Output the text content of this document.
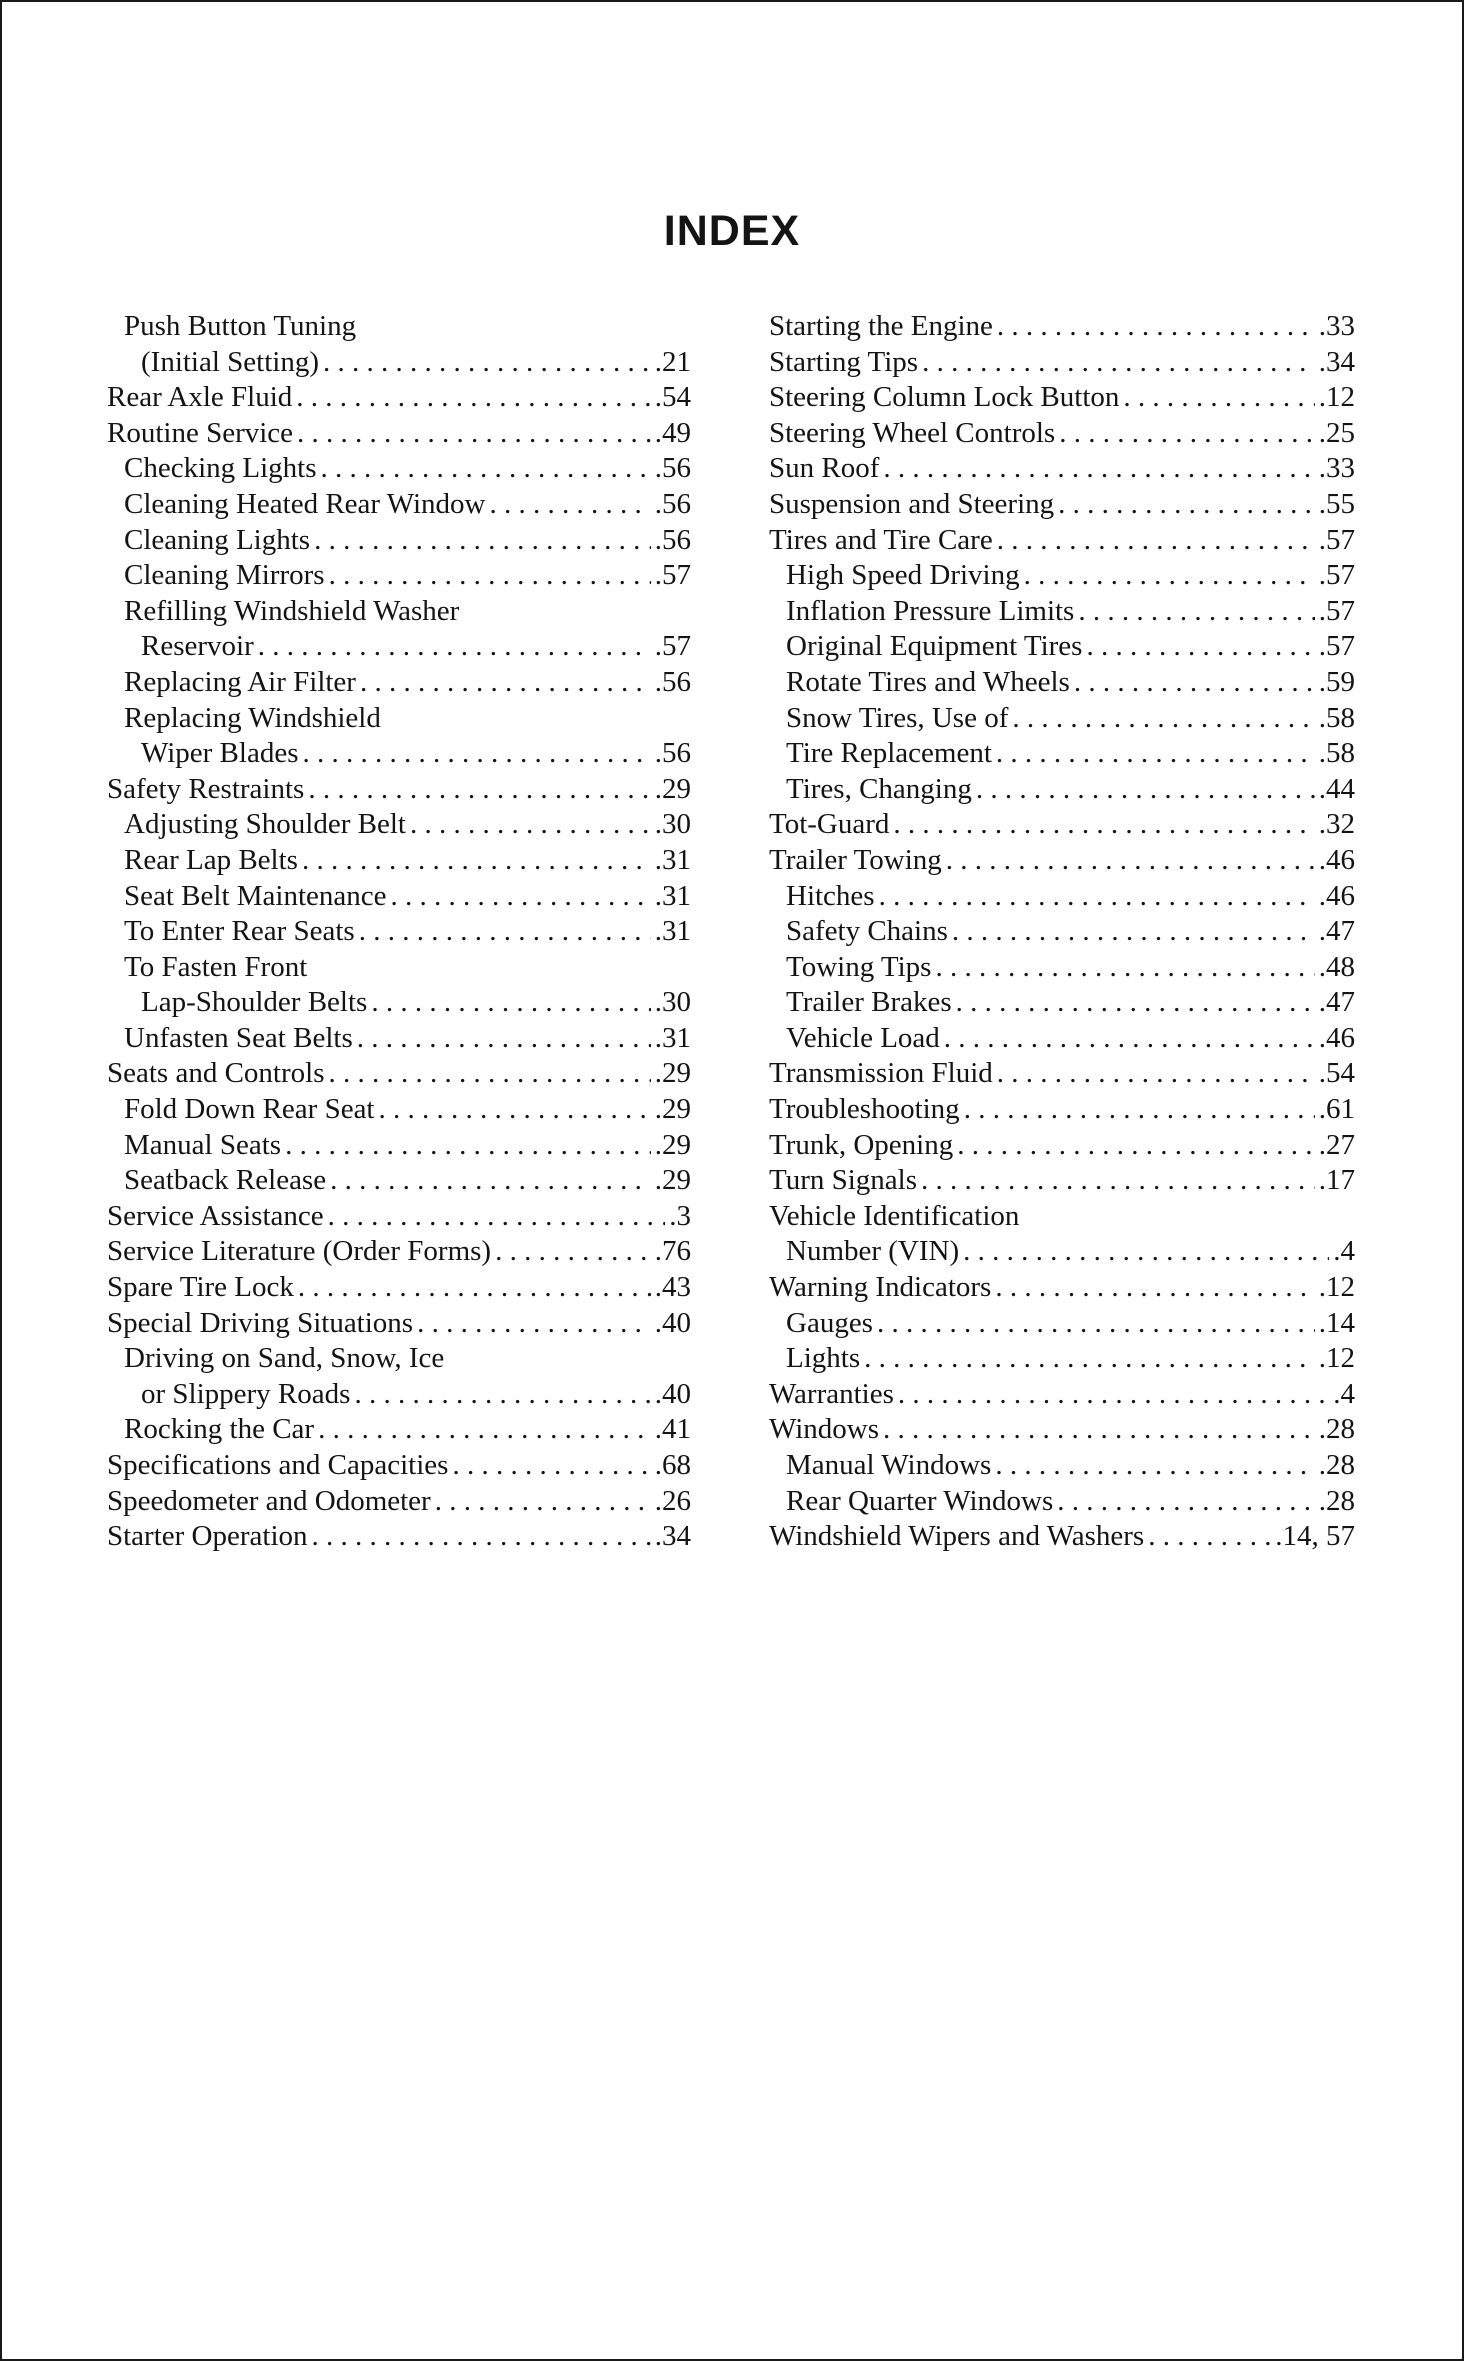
INDEX
Push Button Tuning
(Initial Setting) . . .	.21
Rear Axle Fluid . . .	.54
Routine Service . . .	.49
Checking Lights . . .	.56
Cleaning Heated Rear Window . . .	.56
Cleaning Lights . . .	.56
Cleaning Mirrors . . .	.57
Refilling Windshield Washer
Reservoir . . .	.57
Replacing Air Filter . . .	.56
Replacing Windshield
Wiper Blades . . .	.56
Safety Restraints . . .	.29
Adjusting Shoulder Belt . . .	.30
Rear Lap Belts . . .	.31
Seat Belt Maintenance . . .	.31
To Enter Rear Seats . . .	.31
To Fasten Front
Lap-Shoulder Belts . . .	.30
Unfasten Seat Belts . . .	.31
Seats and Controls . . .	.29
Fold Down Rear Seat . . .	.29
Manual Seats . . .	.29
Seatback Release . . .	.29
Service Assistance . . .	.3
Service Literature (Order Forms) . . .	.76
Spare Tire Lock . . .	.43
Special Driving Situations . . .	.40
Driving on Sand, Snow, Ice
or Slippery Roads . . .	.40
Rocking the Car . . .	.41
Specifications and Capacities . . .	.68
Speedometer and Odometer . . .	.26
Starter Operation . . .	.34
Starting the Engine . . .	.33
Starting Tips . . .	.34
Steering Column Lock Button . . .	.12
Steering Wheel Controls . . .	.25
Sun Roof . . .	.33
Suspension and Steering . . .	.55
Tires and Tire Care . . .	.57
High Speed Driving . . .	.57
Inflation Pressure Limits . . .	.57
Original Equipment Tires . . .	.57
Rotate Tires and Wheels . . .	.59
Snow Tires, Use of . . .	.58
Tire Replacement . . .	.58
Tires, Changing . . .	.44
Tot-Guard . . .	.32
Trailer Towing . . .	.46
Hitches . . .	.46
Safety Chains . . .	.47
Towing Tips . . .	.48
Trailer Brakes . . .	.47
Vehicle Load . . .	.46
Transmission Fluid . . .	.54
Troubleshooting . . .	.61
Trunk, Opening . . .	.27
Turn Signals . . .	.17
Vehicle Identification
Number (VIN) . . .	.4
Warning Indicators . . .	.12
Gauges . . .	.14
Lights . . .	.12
Warranties . . .	.4
Windows . . .	.28
Manual Windows . . .	.28
Rear Quarter Windows . . .	.28
Windshield Wipers and Washers . . .	.14, 57
